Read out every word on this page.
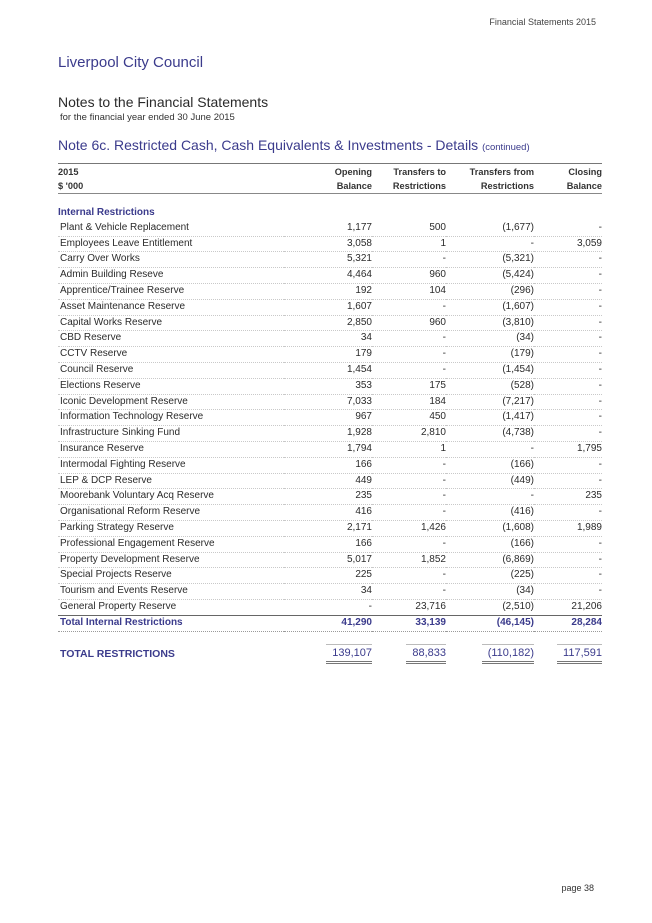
Financial Statements 2015
Liverpool City Council
Notes to the Financial Statements
for the financial year ended 30 June 2015
Note 6c. Restricted Cash, Cash Equivalents & Investments - Details (continued)
2015	Opening	Transfers to	Transfers from	Closing
$ '000	Balance	Restrictions	Restrictions	Balance

Internal Restrictions				
Plant & Vehicle Replacement	1,177	500	(1,677)	-
Employees Leave Entitlement	3,058	1	-	3,059
Carry Over Works	5,321	-	(5,321)	-
Admin Building Reseve	4,464	960	(5,424)	-
Apprentice/Trainee Reserve	192	104	(296)	-
Asset Maintenance Reserve	1,607	-	(1,607)	-
Capital Works Reserve	2,850	960	(3,810)	-
CBD Reserve	34	-	(34)	-
CCTV Reserve	179	-	(179)	-
Council Reserve	1,454	-	(1,454)	-
Elections Reserve	353	175	(528)	-
Iconic Development Reserve	7,033	184	(7,217)	-
Information Technology Reserve	967	450	(1,417)	-
Infrastructure Sinking Fund	1,928	2,810	(4,738)	-
Insurance Reserve	1,794	1	-	1,795
Intermodal Fighting Reserve	166	-	(166)	-
LEP & DCP Reserve	449	-	(449)	-
Moorebank Voluntary Acq Reserve	235	-	-	235
Organisational Reform Reserve	416	-	(416)	-
Parking Strategy Reserve	2,171	1,426	(1,608)	1,989
Professional Engagement Reserve	166	-	(166)	-
Property Development Reserve	5,017	1,852	(6,869)	-
Special Projects Reserve	225	-	(225)	-
Tourism and Events Reserve	34	-	(34)	-
General Property Reserve	-	23,716	(2,510)	21,206
Total Internal Restrictions	41,290	33,139	(46,145)	28,284

TOTAL RESTRICTIONS	139,107	88,833	(110,182)	117,591
page 38
